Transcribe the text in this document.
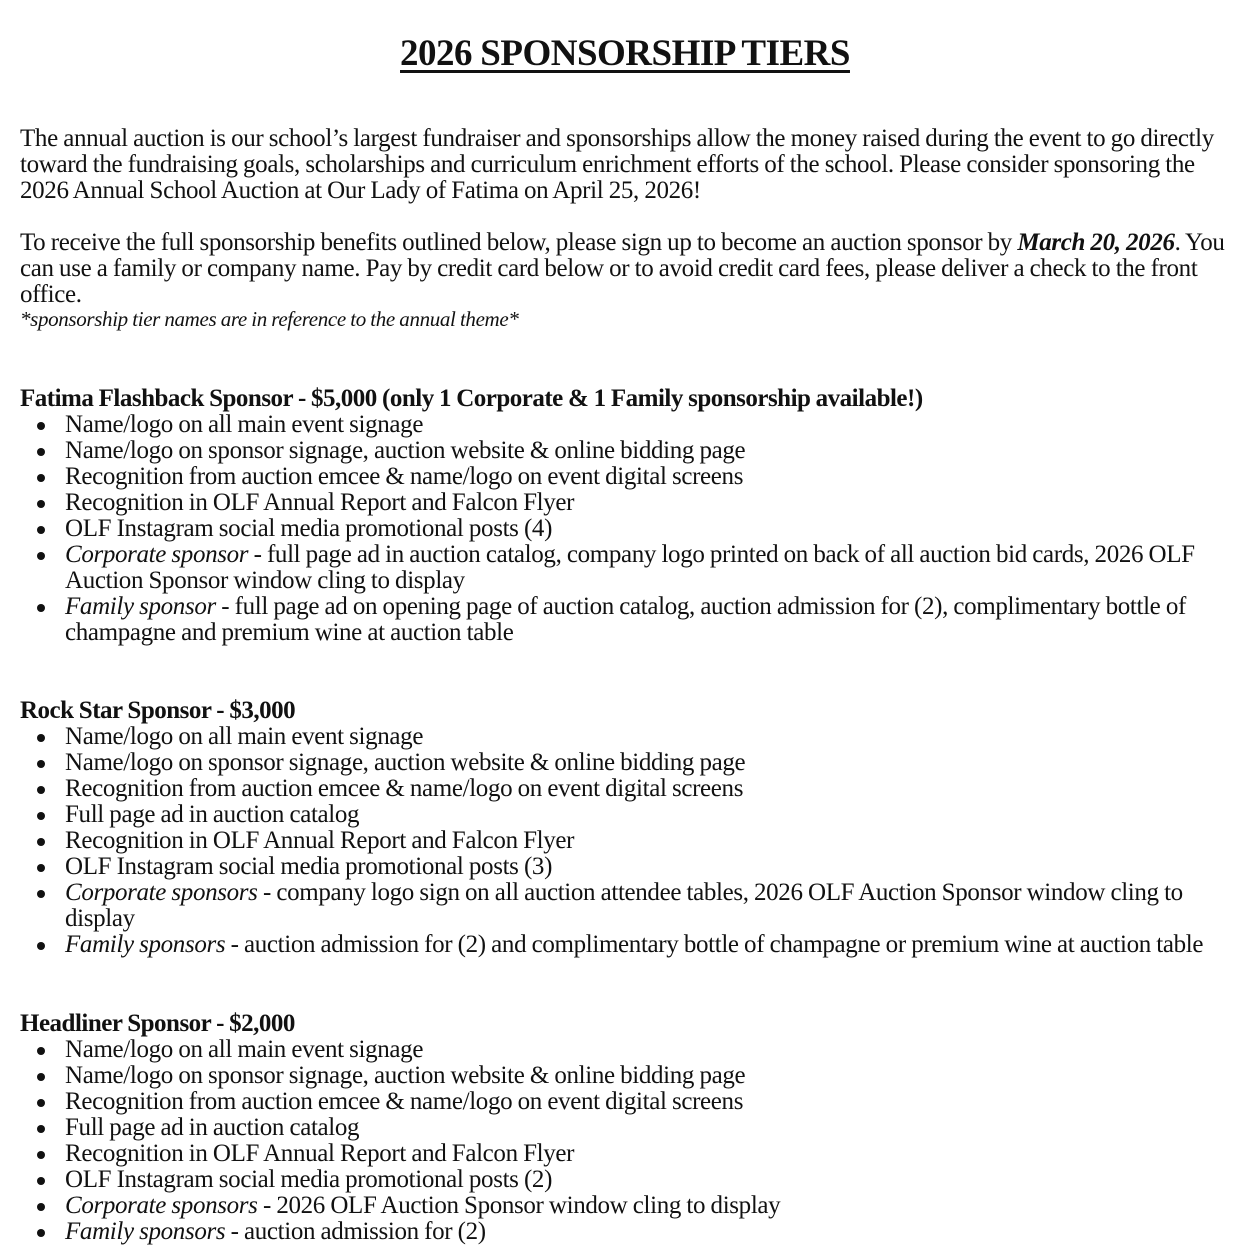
2026 SPONSORSHIP TIERS

The annual auction is our school’s largest fundraiser and sponsorships allow the money raised during the event to go directly toward the fundraising goals, scholarships and curriculum enrichment efforts of the school. Please consider sponsoring the 2026 Annual School Auction at Our Lady of Fatima on April 25, 2026!

To receive the full sponsorship benefits outlined below, please sign up to become an auction sponsor by March 20, 2026. You can use a family or company name. Pay by credit card below or to avoid credit card fees, please deliver a check to the front office.
*sponsorship tier names are in reference to the annual theme*

Fatima Flashback Sponsor - $5,000 (only 1 Corporate & 1 Family sponsorship available!)

Name/logo on all main event signage
Name/logo on sponsor signage, auction website & online bidding page
Recognition from auction emcee & name/logo on event digital screens
Recognition in OLF Annual Report and Falcon Flyer
OLF Instagram social media promotional posts (4)
Corporate sponsor - full page ad in auction catalog, company logo printed on back of all auction bid cards, 2026 OLF Auction Sponsor window cling to display
Family sponsor - full page ad on opening page of auction catalog, auction admission for (2), complimentary bottle of champagne and premium wine at auction table

Rock Star Sponsor - $3,000

Name/logo on all main event signage
Name/logo on sponsor signage, auction website & online bidding page
Recognition from auction emcee & name/logo on event digital screens
Full page ad in auction catalog
Recognition in OLF Annual Report and Falcon Flyer
OLF Instagram social media promotional posts (3)
Corporate sponsors - company logo sign on all auction attendee tables, 2026 OLF Auction Sponsor window cling to display
Family sponsors - auction admission for (2) and complimentary bottle of champagne or premium wine at auction table

Headliner Sponsor - $2,000

Name/logo on all main event signage
Name/logo on sponsor signage, auction website & online bidding page
Recognition from auction emcee & name/logo on event digital screens
Full page ad in auction catalog
Recognition in OLF Annual Report and Falcon Flyer
OLF Instagram social media promotional posts (2)
Corporate sponsors - 2026 OLF Auction Sponsor window cling to display
Family sponsors - auction admission for (2)
